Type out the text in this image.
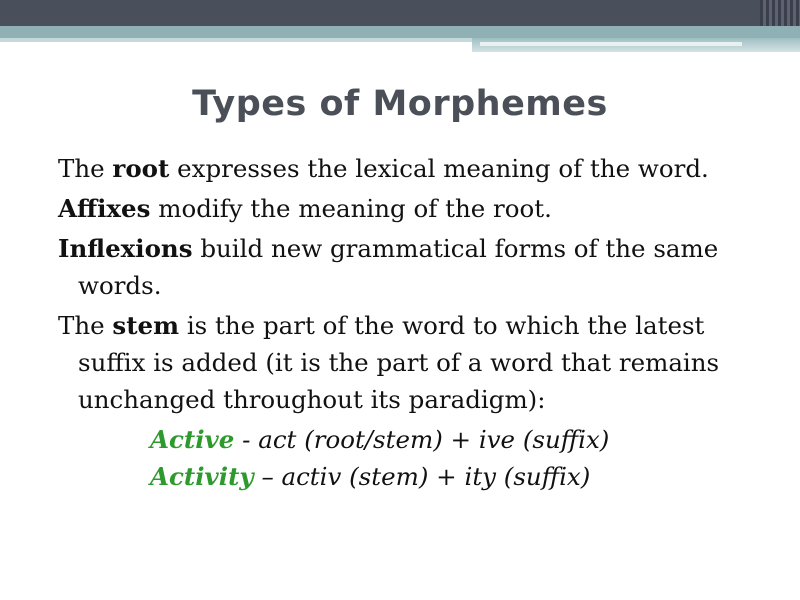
Types of Morphemes

The root expresses the lexical meaning of the word.

Affixes modify the meaning of the root.

Inflexions build new grammatical forms of the same words.

The stem is the part of the word to which the latest suffix is added (it is the part of a word that remains unchanged throughout its paradigm):

Active - act (root/stem) + ive (suffix)

Activity – activ (stem) + ity (suffix)
